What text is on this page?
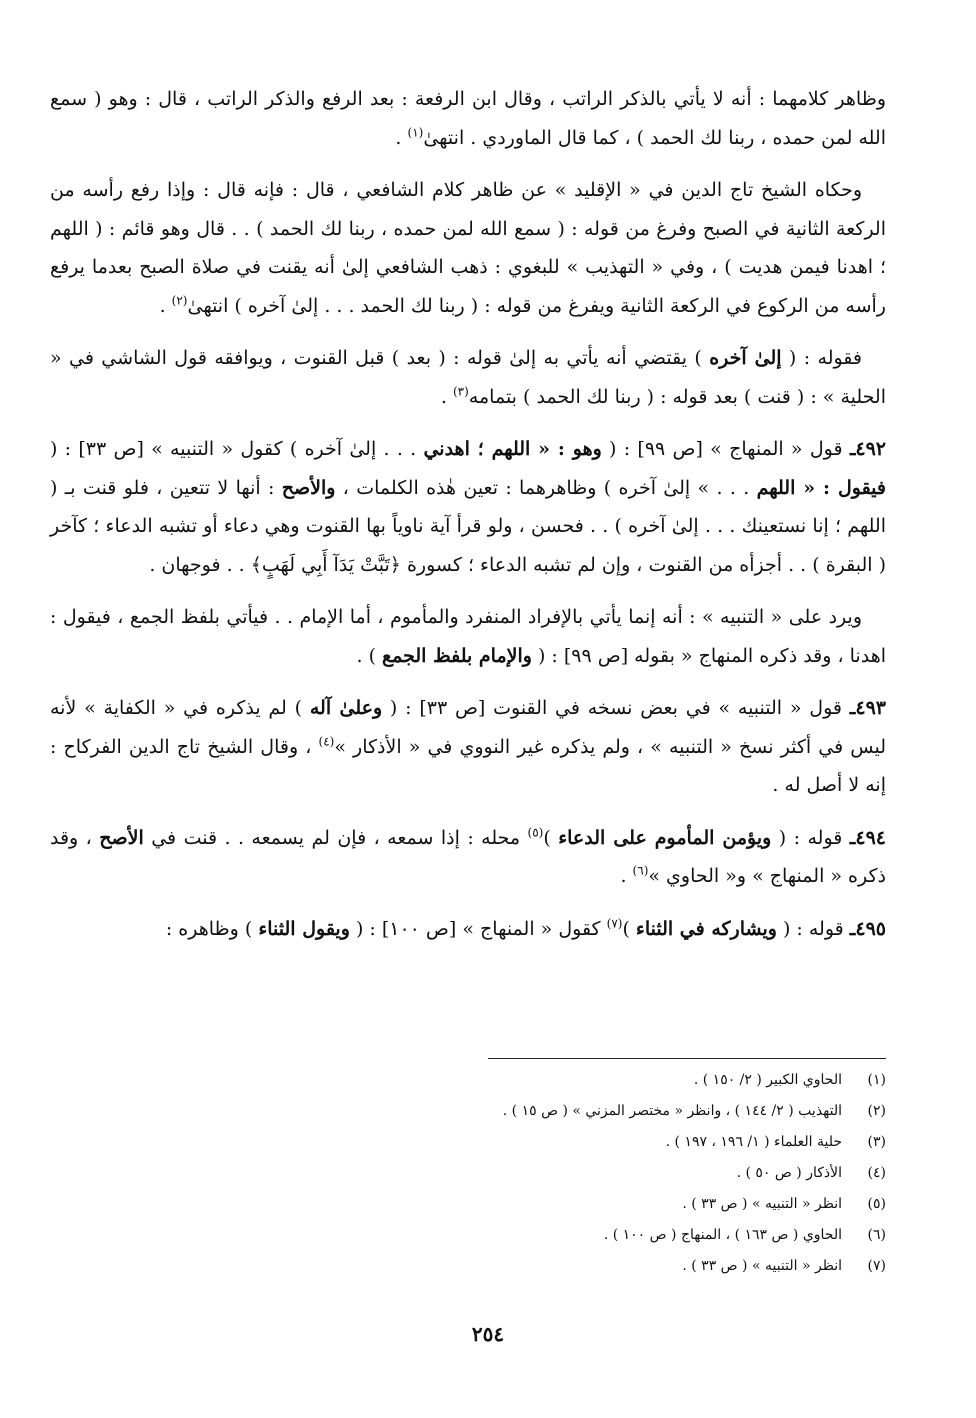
وظاهر كلامهما : أنه لا يأتي بالذكر الراتب ، وقال ابن الرفعة : بعد الرفع والذكر الراتب ، قال : وهو ( سمع الله لمن حمده ، ربنا لك الحمد ) ، كما قال الماوردي . انتهىٰ$^{(١)}$ .

وحكاه الشيخ تاج الدين في « الإقليد » عن ظاهر كلام الشافعي ، قال : فإنه قال : وإذا رفع رأسه من الركعة الثانية في الصبح وفرغ من قوله : ( سمع الله لمن حمده ، ربنا لك الحمد ) . . قال وهو قائم : ( اللهم ؛ اهدنا فيمن هديت ) ، وفي « التهذيب » للبغوي : ذهب الشافعي إلىٰ أنه يقنت في صلاة الصبح بعدما يرفع رأسه من الركوع في الركعة الثانية ويفرغ من قوله : ( ربنا لك الحمد . . . إلىٰ آخره ) انتهىٰ$^{(٢)}$ .

فقوله : ( إلىٰ آخره ) يقتضي أنه يأتي به إلىٰ قوله : ( بعد ) قبل القنوت ، ويوافقه قول الشاشي في « الحلية » : ( قنت ) بعد قوله : ( ربنا لك الحمد ) بتمامه$^{(٣)}$ .

٤٩٢ـ قول « المنهاج » [ص ٩٩] : ( وهو : « اللهم ؛ اهدني . . . إلىٰ آخره ) كقول « التنبيه » [ص ٣٣] : ( فيقول : « اللهم . . . » إلىٰ آخره ) وظاهرهما : تعين هٰذه الكلمات ، والأصح : أنها لا تتعين ، فلو قنت بـ ( اللهم ؛ إنا نستعينك . . . إلىٰ آخره ) . . فحسن ، ولو قرأ آية ناوياً بها القنوت وهي دعاء أو تشبه الدعاء ؛ كآخر ( البقرة ) . . أجزأه من القنوت ، وإن لم تشبه الدعاء ؛ كسورة ﴿تَبَّتْ يَدَآ أَبِي لَهَبٍ﴾ . . فوجهان .

ويرد على « التنبيه » : أنه إنما يأتي بالإفراد المنفرد والمأموم ، أما الإمام . . فيأتي بلفظ الجمع ، فيقول : اهدنا ، وقد ذكره المنهاج « بقوله [ص ٩٩] : ( والإمام بلفظ الجمع ) .

٤٩٣ـ قول « التنبيه » في بعض نسخه في القنوت [ص ٣٣] : ( وعلىٰ آله ) لم يذكره في « الكفاية » لأنه ليس في أكثر نسخ « التنبيه » ، ولم يذكره غير النووي في « الأذكار »$^{(٤)}$ ، وقال الشيخ تاج الدين الفركاح : إنه لا أصل له .

٤٩٤ـ قوله : ( ويؤمن المأموم على الدعاء )$^{(٥)}$ محله : إذا سمعه ، فإن لم يسمعه . . قنت في الأصح ، وقد ذكره « المنهاج » و« الحاوي »$^{(٦)}$ .

٤٩٥ـ قوله : ( ويشاركه في الثناء )$^{(٧)}$ كقول « المنهاج » [ص ١٠٠] : ( ويقول الثناء ) وظاهره :

(١)
الحاوي الكبير ( ٢/ ١٥٠ ) .
(٢)
التهذيب ( ٢/ ١٤٤ ) ، وانظر « مختصر المزني » ( ص ١٥ ) .
(٣)
حلية العلماء ( ١/ ١٩٦ ، ١٩٧ ) .
(٤)
الأذكار ( ص ٥٠ ) .
(٥)
انظر « التنبيه » ( ص ٣٣ ) .
(٦)
الحاوي ( ص ١٦٣ ) ، المنهاج ( ص ١٠٠ ) .
(٧)
انظر « التنبيه » ( ص ٣٣ ) .
٢٥٤
